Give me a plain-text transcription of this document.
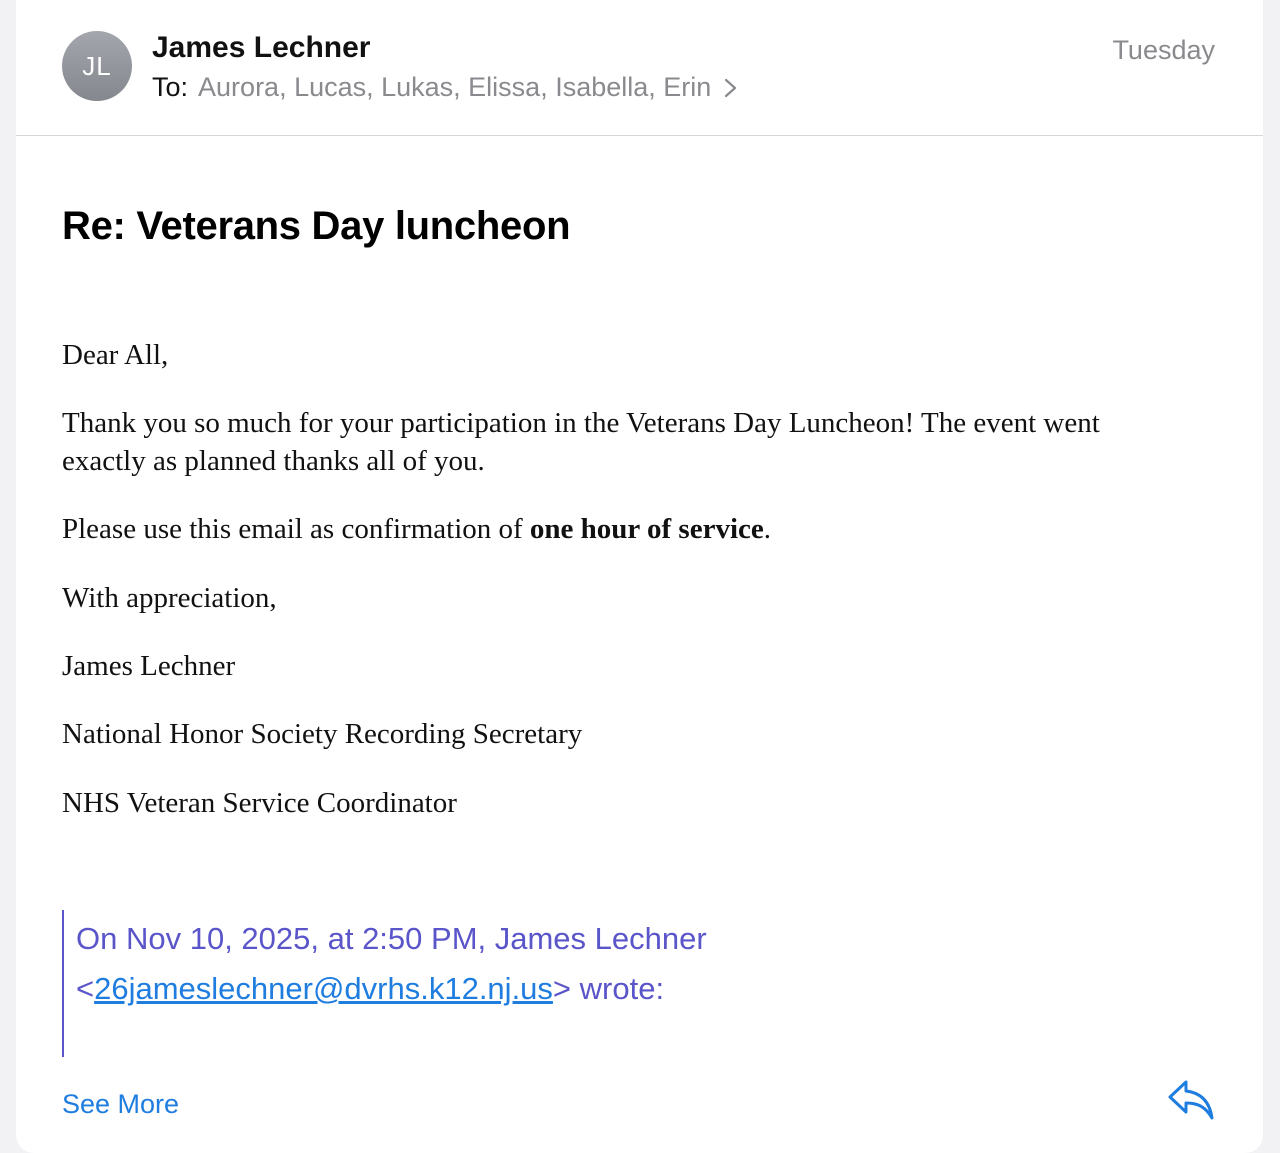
JL
James Lechner
To: Aurora, Lucas, Lukas, Elissa, Isabella, Erin
Tuesday
Re: Veterans Day luncheon

Dear All,

Thank you so much for your participation in the Veterans Day Luncheon! The event went
exactly as planned thanks all of you.

Please use this email as confirmation of one hour of service.

With appreciation,

James Lechner

National Honor Society Recording Secretary

NHS Veteran Service Coordinator

On Nov 10, 2025, at 2:50 PM, James Lechner
<26jameslechner@dvrhs.k12.nj.us> wrote:
See More
